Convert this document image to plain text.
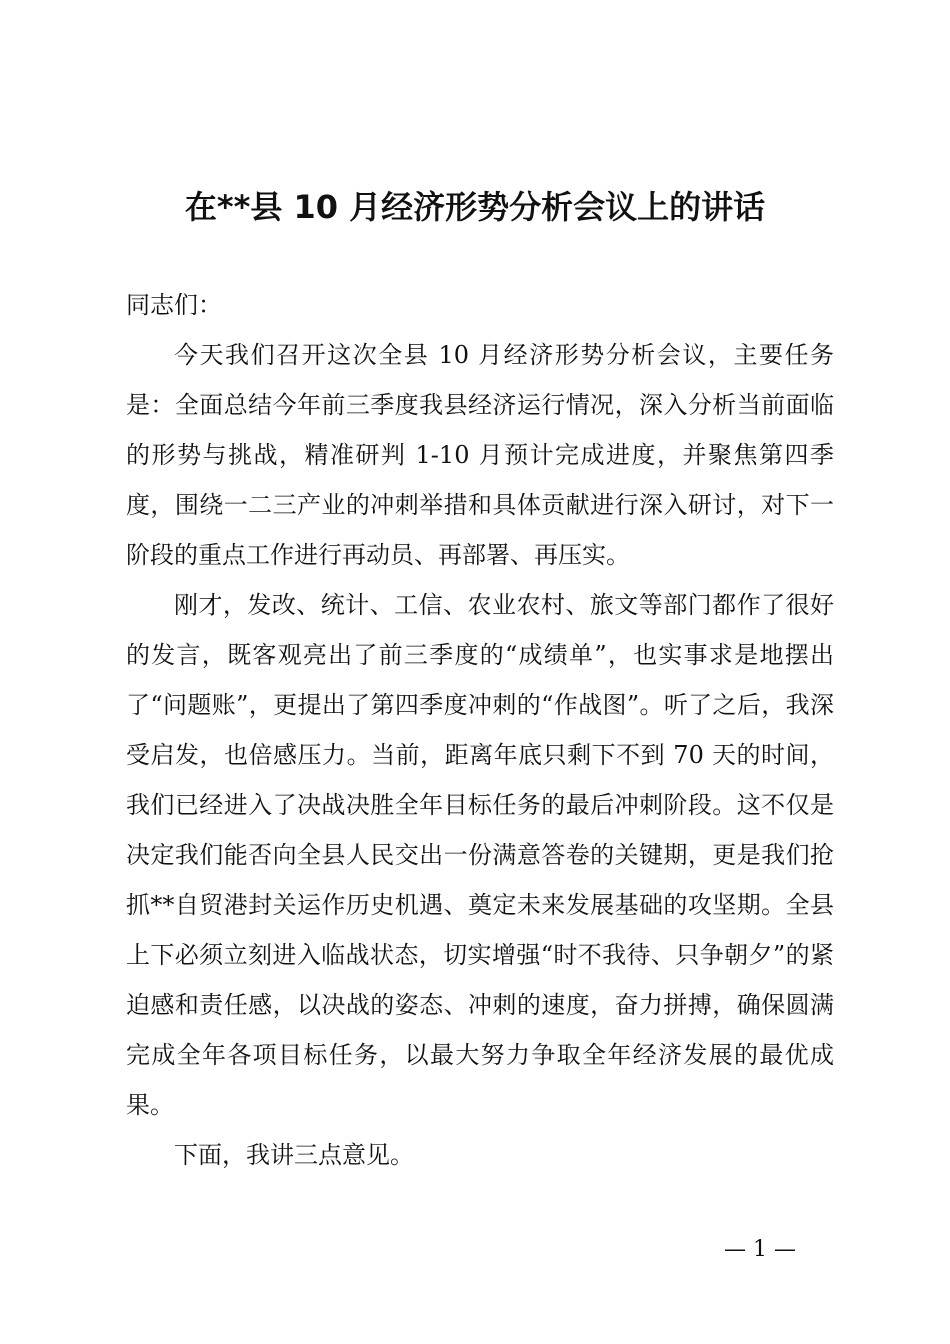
在**县 10 月经济形势分析会议上的讲话

同志们：

今天我们召开这次全县 10 月经济形势分析会议，主要任务是：全面总结今年前三季度我县经济运行情况，深入分析当前面临的形势与挑战，精准研判 1-10 月预计完成进度，并聚焦第四季度，围绕一二三产业的冲刺举措和具体贡献进行深入研讨，对下一阶段的重点工作进行再动员、再部署、再压实。

刚才，发改、统计、工信、农业农村、旅文等部门都作了很好的发言，既客观亮出了前三季度的“成绩单”，也实事求是地摆出了“问题账”，更提出了第四季度冲刺的“作战图”。听了之后，我深受启发，也倍感压力。当前，距离年底只剩下不到 70 天的时间，我们已经进入了决战决胜全年目标任务的最后冲刺阶段。这不仅是决定我们能否向全县人民交出一份满意答卷的关键期，更是我们抢抓**自贸港封关运作历史机遇、奠定未来发展基础的攻坚期。全县上下必须立刻进入临战状态，切实增强“时不我待、只争朝夕”的紧迫感和责任感，以决战的姿态、冲刺的速度，奋力拼搏，确保圆满完成全年各项目标任务，以最大努力争取全年经济发展的最优成果。

下面，我讲三点意见。

— 1 —
